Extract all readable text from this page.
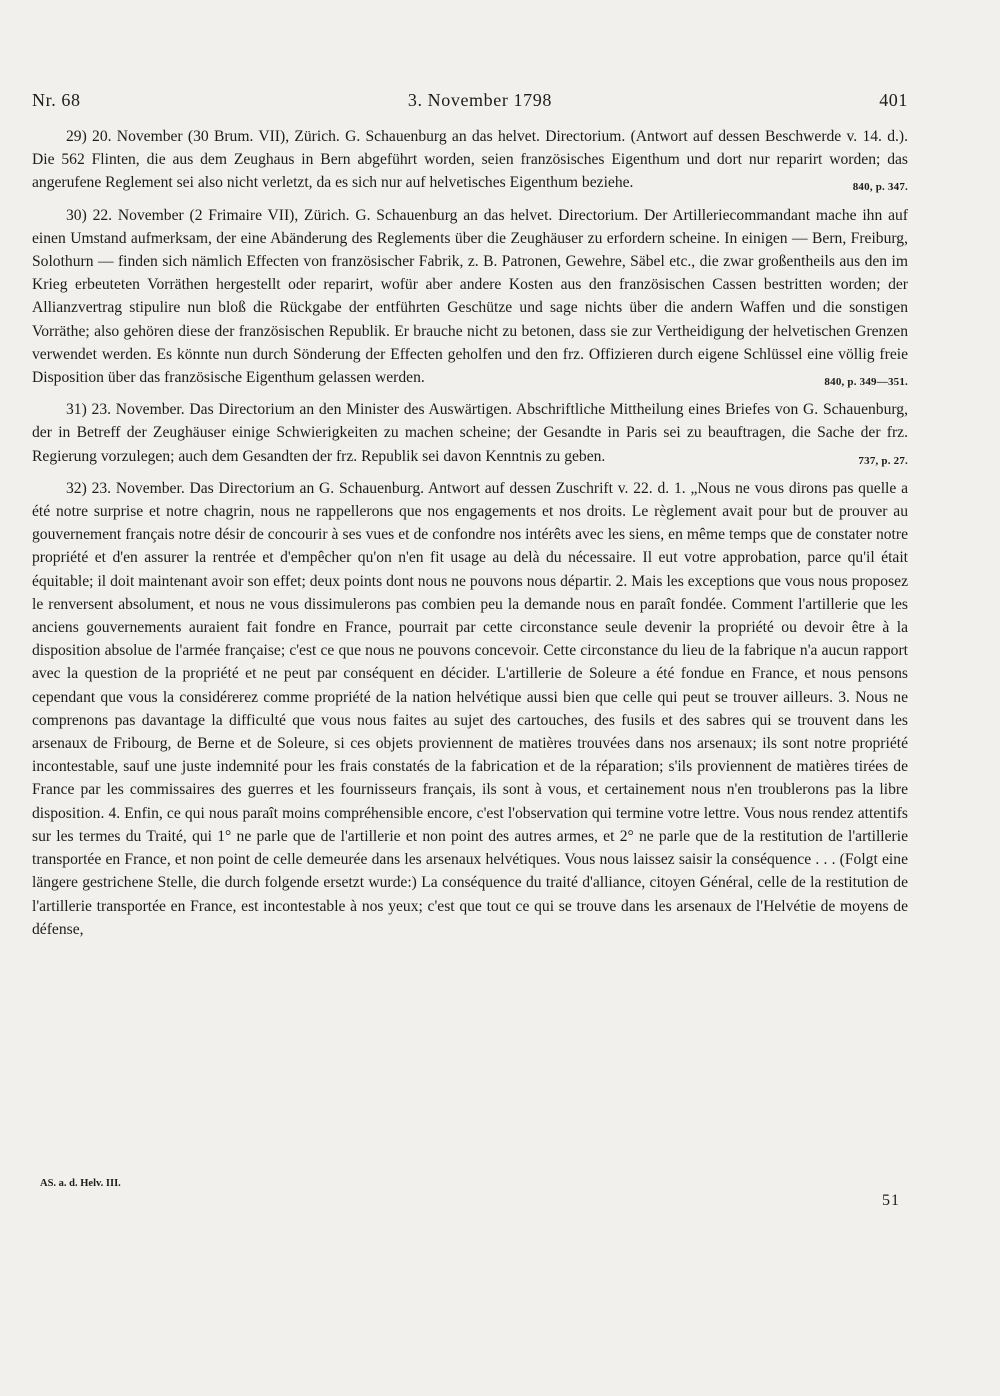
Nr. 68	3. November 1798	401

29) 20. November (30 Brum. VII), Zürich. G. Schauenburg an das helvet. Directorium. (Antwort auf dessen Beschwerde v. 14. d.). Die 562 Flinten, die aus dem Zeughaus in Bern abgeführt worden, seien französisches Eigenthum und dort nur reparirt worden; das angerufene Reglement sei also nicht verletzt, da es sich nur auf helvetisches Eigenthum beziehe.	840, p. 347.

30) 22. November (2 Frimaire VII), Zürich. G. Schauenburg an das helvet. Directorium. Der Artilleriecommandant mache ihn auf einen Umstand aufmerksam, der eine Abänderung des Reglements über die Zeughäuser zu erfordern scheine. In einigen — Bern, Freiburg, Solothurn — finden sich nämlich Effecten von französischer Fabrik, z. B. Patronen, Gewehre, Säbel etc., die zwar großentheils aus den im Krieg erbeuteten Vorräthen hergestellt oder reparirt, wofür aber andere Kosten aus den französischen Cassen bestritten worden; der Allianzvertrag stipulire nun bloß die Rückgabe der entführten Geschütze und sage nichts über die andern Waffen und die sonstigen Vorräthe; also gehören diese der französischen Republik. Er brauche nicht zu betonen, dass sie zur Vertheidigung der helvetischen Grenzen verwendet werden. Es könnte nun durch Sönderung der Effecten geholfen und den frz. Offizieren durch eigene Schlüssel eine völlig freie Disposition über das französische Eigenthum gelassen werden.	840, p. 349—351.

31) 23. November. Das Directorium an den Minister des Auswärtigen. Abschriftliche Mittheilung eines Briefes von G. Schauenburg, der in Betreff der Zeughäuser einige Schwierigkeiten zu machen scheine; der Gesandte in Paris sei zu beauftragen, die Sache der frz. Regierung vorzulegen; auch dem Gesandten der frz. Republik sei davon Kenntnis zu geben.	737, p. 27.

32) 23. November. Das Directorium an G. Schauenburg. Antwort auf dessen Zuschrift v. 22. d. 1. „Nous ne vous dirons pas quelle a été notre surprise et notre chagrin, nous ne rappellerons que nos engagements et nos droits. Le règlement avait pour but de prouver au gouvernement français notre désir de concourir à ses vues et de confondre nos intérêts avec les siens, en même temps que de constater notre propriété et d'en assurer la rentrée et d'empêcher qu'on n'en fit usage au delà du nécessaire. Il eut votre approbation, parce qu'il était équitable; il doit maintenant avoir son effet; deux points dont nous ne pouvons nous départir. 2. Mais les exceptions que vous nous proposez le renversent absolument, et nous ne vous dissimulerons pas combien peu la demande nous en paraît fondée. Comment l'artillerie que les anciens gouvernements auraient fait fondre en France, pourrait par cette circonstance seule devenir la propriété ou devoir être à la disposition absolue de l'armée française; c'est ce que nous ne pouvons concevoir. Cette circonstance du lieu de la fabrique n'a aucun rapport avec la question de la propriété et ne peut par conséquent en décider. L'artillerie de Soleure a été fondue en France, et nous pensons cependant que vous la considérerez comme propriété de la nation helvétique aussi bien que celle qui peut se trouver ailleurs. 3. Nous ne comprenons pas davantage la difficulté que vous nous faites au sujet des cartouches, des fusils et des sabres qui se trouvent dans les arsenaux de Fribourg, de Berne et de Soleure, si ces objets proviennent de matières trouvées dans nos arsenaux; ils sont notre propriété incontestable, sauf une juste indemnité pour les frais constatés de la fabrication et de la réparation; s'ils proviennent de matières tirées de France par les commissaires des guerres et les fournisseurs français, ils sont à vous, et certainement nous n'en troublerons pas la libre disposition. 4. Enfin, ce qui nous paraît moins compréhensible encore, c'est l'observation qui termine votre lettre. Vous nous rendez attentifs sur les termes du Traité, qui 1° ne parle que de l'artillerie et non point des autres armes, et 2° ne parle que de la restitution de l'artillerie transportée en France, et non point de celle demeurée dans les arsenaux helvétiques. Vous nous laissez saisir la conséquence . . . (Folgt eine längere gestrichene Stelle, die durch folgende ersetzt wurde:) La conséquence du traité d'alliance, citoyen Général, celle de la restitution de l'artillerie transportée en France, est incontestable à nos yeux; c'est que tout ce qui se trouve dans les arsenaux de l'Helvétie de moyens de défense,

AS. a. d. Helv. III.
51
